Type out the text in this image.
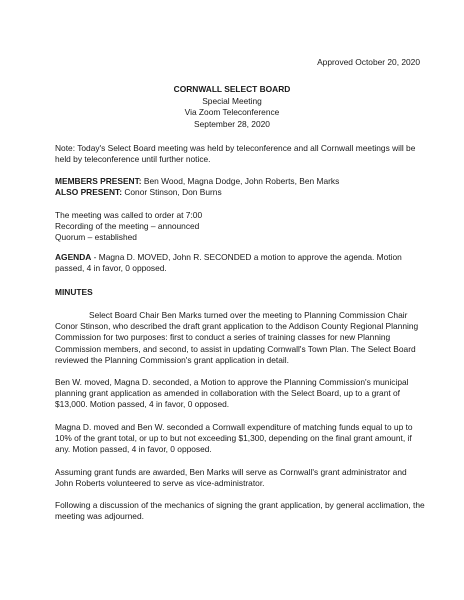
Approved October 20, 2020
CORNWALL SELECT BOARD
Special Meeting
Via Zoom Teleconference
September 28, 2020

Note: Today's Select Board meeting was held by teleconference and all Cornwall meetings will be held by teleconference until further notice.

MEMBERS PRESENT: Ben Wood, Magna Dodge, John Roberts, Ben Marks
ALSO PRESENT: Conor Stinson, Don Burns
The meeting was called to order at 7:00
Recording of the meeting – announced
Quorum – established

AGENDA - Magna D. MOVED, John R. SECONDED a motion to approve the agenda. Motion passed, 4 in favor, 0 opposed.

MINUTES

Select Board Chair Ben Marks turned over the meeting to Planning Commission Chair Conor Stinson, who described the draft grant application to the Addison County Regional Planning Commission for two purposes: first to conduct a series of training classes for new Planning Commission members, and second, to assist in updating Cornwall's Town Plan. The Select Board reviewed the Planning Commission's grant application in detail.

Ben W. moved, Magna D. seconded, a Motion to approve the Planning Commission's municipal planning grant application as amended in collaboration with the Select Board, up to a grant of $13,000. Motion passed, 4 in favor, 0 opposed.

Magna D. moved and Ben W. seconded a Cornwall expenditure of matching funds equal to up to 10% of the grant total, or up to but not exceeding $1,300, depending on the final grant amount, if any. Motion passed, 4 in favor, 0 opposed.

Assuming grant funds are awarded, Ben Marks will serve as Cornwall's grant administrator and John Roberts volunteered to serve as vice-administrator.

Following a discussion of the mechanics of signing the grant application, by general acclimation, the meeting was adjourned.
